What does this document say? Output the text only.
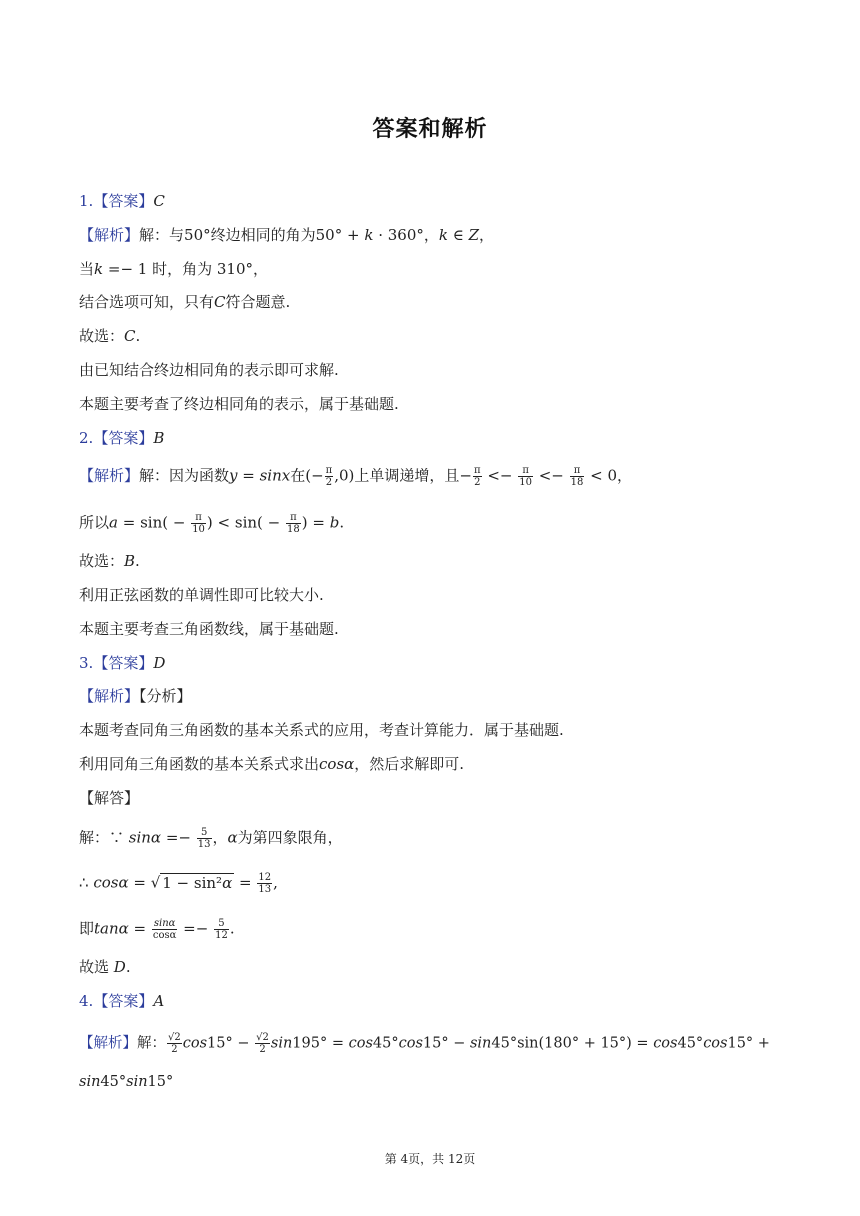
答案和解析
1.【答案】C
【解析】解：与50°终边相同的角为50° + k · 360°，k ∈ Z，
当k =− 1 时，角为 310°，
结合选项可知，只有C符合题意.
故选：C.
由已知结合终边相同角的表示即可求解.
本题主要考查了终边相同角的表示，属于基础题.
2.【答案】B
【解析】解：因为函数y = sinx在(− $\frac{\pi}{2} ,0$)上单调递增，且− $\frac{\pi}{2} <- \frac{\pi}{10} <- \frac{\pi}{18} < 0$，
所以$a = \sin( - \frac{\pi}{10}$ ) < $\sin( - \frac{\pi}{18}$ ) = b.
故选：B.
利用正弦函数的单调性即可比较大小.
本题主要考查三角函数线，属于基础题.
3.【答案】D
【解析】【分析】
本题考查同角三角函数的基本关系式的应用，考查计算能力．属于基础题.
利用同角三角函数的基本关系式求出cosα，然后求解即可.
【解答】
解：∵ $\sin\alpha =- \frac{5}{13}$ ，α为第四象限角，
∴ cosα = √ $1 - \sin^2\alpha = \frac{12}{13}$ ,
即$\tan\alpha = \frac{\sin\alpha}{\cos\alpha} =- \frac{5}{12}$ .
故选 D.
4.【答案】A
【解析】解： $\frac{√2}{2} \cos 15^\circ - \frac{√2}{2} \sin 195^\circ = \cos 45^\circ\cos 15^\circ - \sin 45^\circ\sin(180^\circ + 15^\circ) = \cos 45^\circ\cos 15^\circ$ +
sin45°sin15°
第 4页，共 12页
